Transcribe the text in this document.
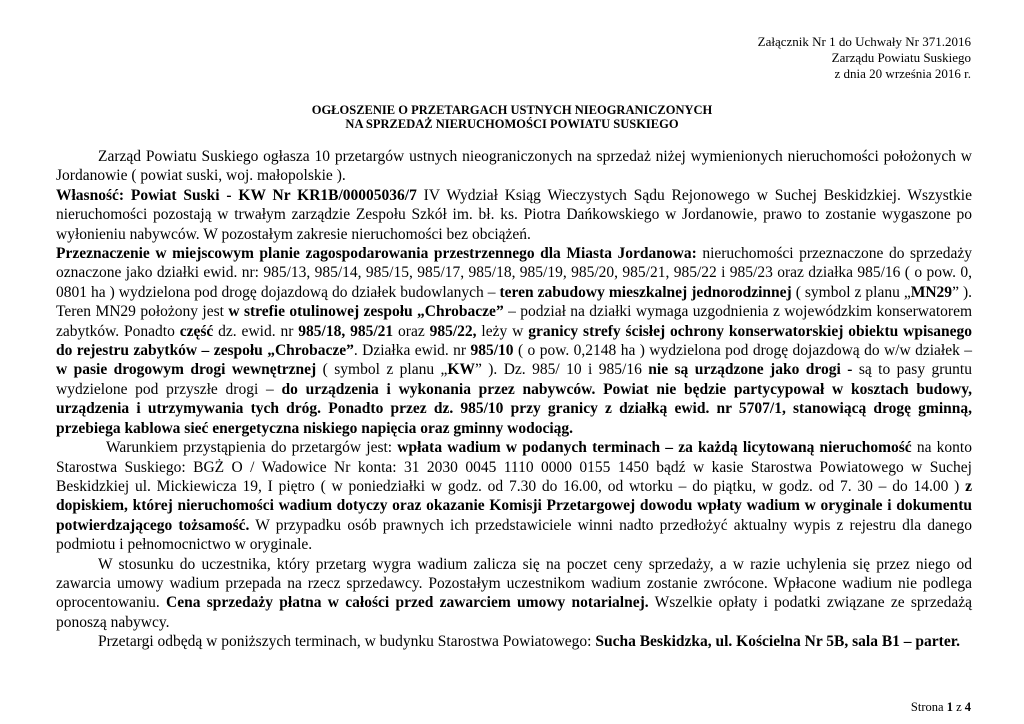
Załącznik Nr 1 do Uchwały Nr 371.2016
Zarządu Powiatu Suskiego
z dnia 20 września 2016 r.
OGŁOSZENIE O PRZETARGACH USTNYCH NIEOGRANICZONYCH
NA SPRZEDAŻ NIERUCHOMOŚCI POWIATU SUSKIEGO

Zarząd Powiatu Suskiego ogłasza 10 przetargów ustnych nieograniczonych na sprzedaż niżej wymienionych nieruchomości położonych w Jordanowie ( powiat suski, woj. małopolskie ).

Własność: Powiat Suski - KW Nr KR1B/00005036/7 IV Wydział Ksiąg Wieczystych Sądu Rejonowego w Suchej Beskidzkiej. Wszystkie nieruchomości pozostają w trwałym zarządzie Zespołu Szkół im. bł. ks. Piotra Dańkowskiego w Jordanowie, prawo to zostanie wygaszone po wyłonieniu nabywców. W pozostałym zakresie nieruchomości bez obciążeń.

Przeznaczenie w miejscowym planie zagospodarowania przestrzennego dla Miasta Jordanowa: nieruchomości przeznaczone do sprzedaży oznaczone jako działki ewid. nr: 985/13, 985/14, 985/15, 985/17, 985/18, 985/19, 985/20, 985/21, 985/22 i 985/23 oraz działka 985/16 ( o pow. 0, 0801 ha ) wydzielona pod drogę dojazdową do działek budowlanych – teren zabudowy mieszkalnej jednorodzinnej ( symbol z planu „MN29” ). Teren MN29 położony jest w strefie otulinowej zespołu „Chrobacze” – podział na działki wymaga uzgodnienia z wojewódzkim konserwatorem zabytków. Ponadto część dz. ewid. nr 985/18, 985/21 oraz 985/22, leży w granicy strefy ścisłej ochrony konserwatorskiej obiektu wpisanego do rejestru zabytków – zespołu „Chrobacze”. Działka ewid. nr 985/10 ( o pow. 0,2148 ha ) wydzielona pod drogę dojazdową do w/w działek – w pasie drogowym drogi wewnętrznej ( symbol z planu „KW” ). Dz. 985/ 10 i 985/16 nie są urządzone jako drogi - są to pasy gruntu wydzielone pod przyszłe drogi – do urządzenia i wykonania przez nabywców. Powiat nie będzie partycypował w kosztach budowy, urządzenia i utrzymywania tych dróg. Ponadto przez dz. 985/10 przy granicy z działką ewid. nr 5707/1, stanowiącą drogę gminną, przebiega kablowa sieć energetyczna niskiego napięcia oraz gminny wodociąg.

Warunkiem przystąpienia do przetargów jest: wpłata wadium w podanych terminach – za każdą licytowaną nieruchomość na konto Starostwa Suskiego: BGŻ O / Wadowice Nr konta: 31 2030 0045 1110 0000 0155 1450 bądź w kasie Starostwa Powiatowego w Suchej Beskidzkiej ul. Mickiewicza 19, I piętro ( w poniedziałki w godz. od 7.30 do 16.00, od wtorku – do piątku, w godz. od 7. 30 – do 14.00 ) z dopiskiem, której nieruchomości wadium dotyczy oraz okazanie Komisji Przetargowej dowodu wpłaty wadium w oryginale i dokumentu potwierdzającego tożsamość. W przypadku osób prawnych ich przedstawiciele winni nadto przedłożyć aktualny wypis z rejestru dla danego podmiotu i pełnomocnictwo w oryginale.

W stosunku do uczestnika, który przetarg wygra wadium zalicza się na poczet ceny sprzedaży, a w razie uchylenia się przez niego od zawarcia umowy wadium przepada na rzecz sprzedawcy. Pozostałym uczestnikom wadium zostanie zwrócone. Wpłacone wadium nie podlega oprocentowaniu. Cena sprzedaży płatna w całości przed zawarciem umowy notarialnej. Wszelkie opłaty i podatki związane ze sprzedażą ponoszą nabywcy.

Przetargi odbędą w poniższych terminach, w budynku Starostwa Powiatowego: Sucha Beskidzka, ul. Kościelna Nr 5B, sala B1 – parter.

Strona 1 z 4
